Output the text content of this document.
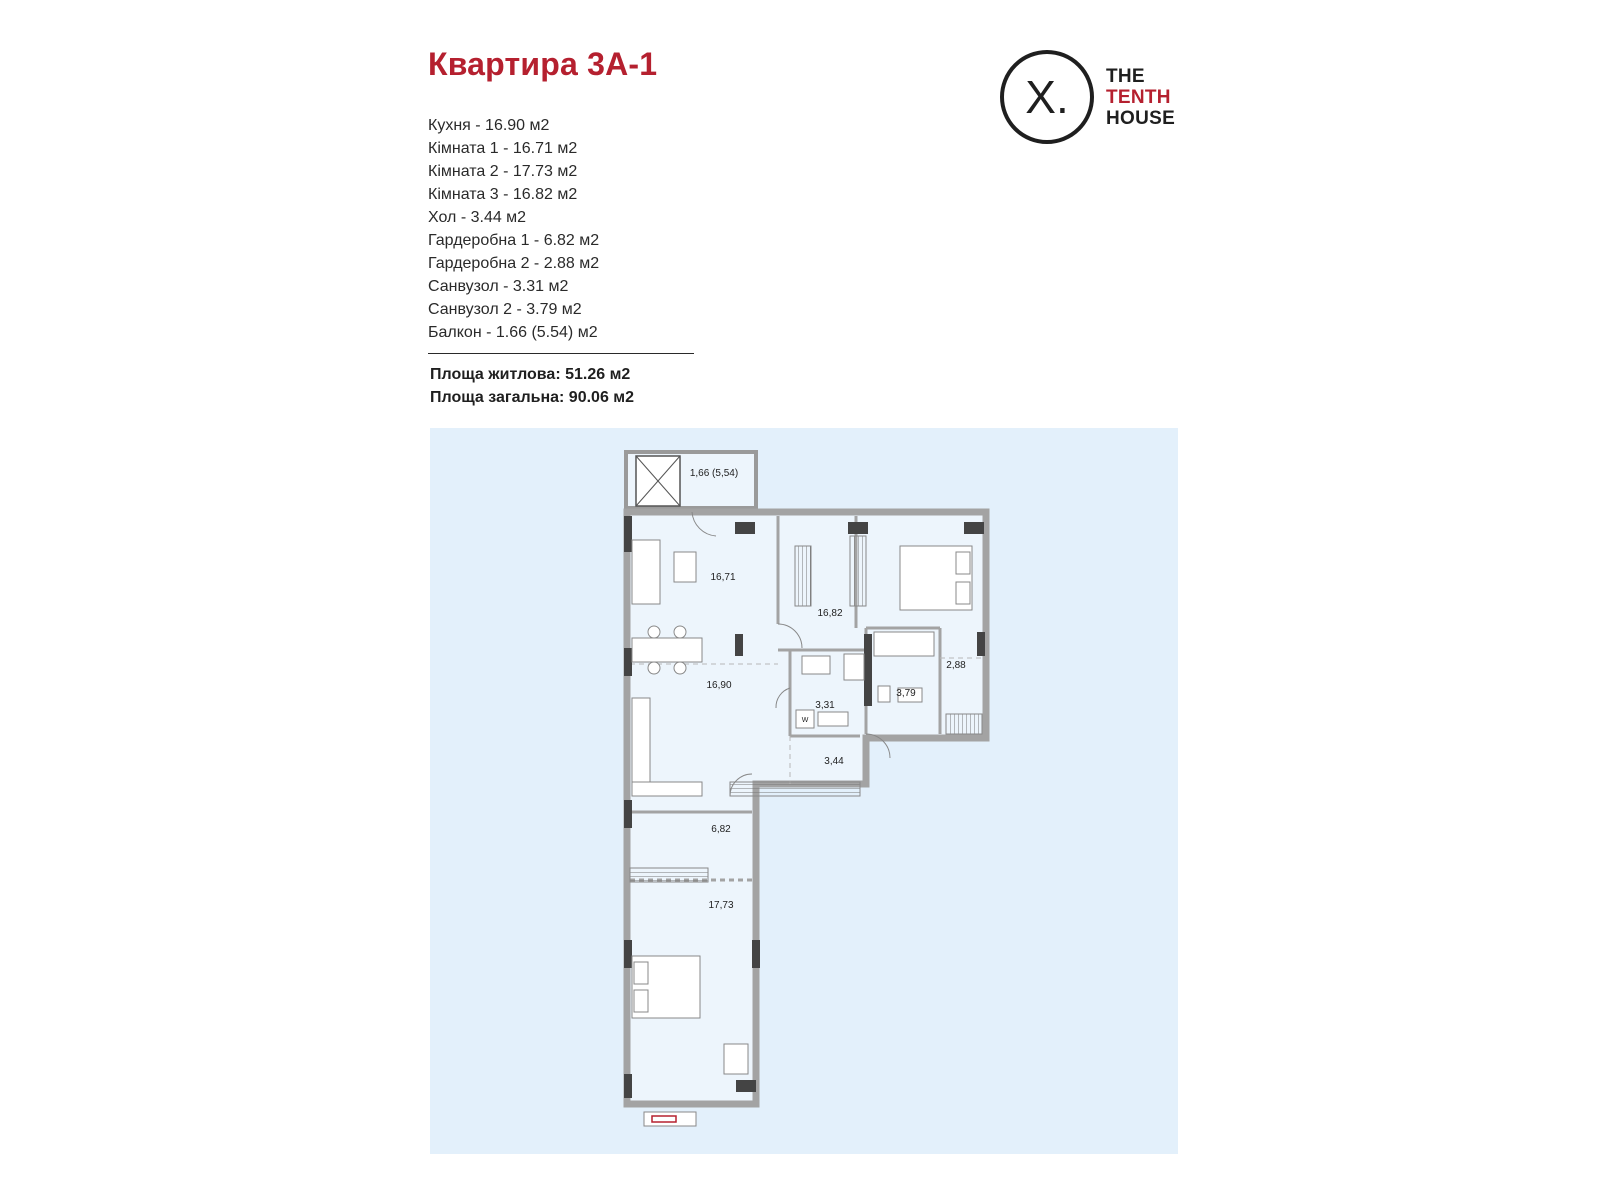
Квартира 3А-1
Кухня - 16.90 м2
Кімната 1 - 16.71 м2
Кімната 2 - 17.73 м2
Кімната 3 - 16.82 м2
Хол - 3.44 м2
Гардеробна 1 - 6.82 м2
Гардеробна 2 - 2.88 м2
Санвузол - 3.31 м2
Санвузол 2 - 3.79 м2
Балкон - 1.66 (5.54) м2
Площа житлова: 51.26 м2
Площа загальна: 90.06 м2
X.	THE
TENTH
HOUSE
W
16,71
16,82
16,90
2,88
3,79
3,31
3,44
6,82
17,73
1,66 (5,54)
